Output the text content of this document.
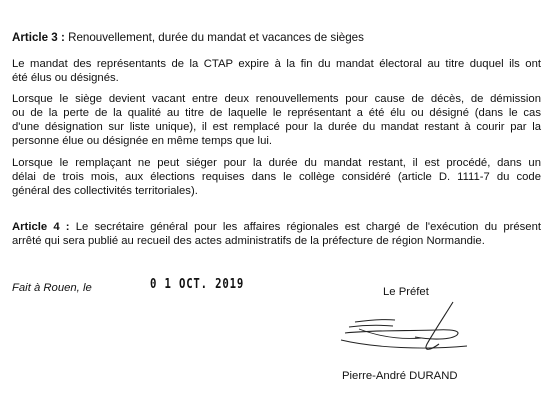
Article 3 : Renouvellement, durée du mandat et vacances de sièges
Le mandat des représentants de la CTAP expire à la fin du mandat électoral au titre duquel ils ont
été élus ou désignés.
Lorsque le siège devient vacant entre deux renouvellements pour cause de décès, de démission
ou de la perte de la qualité au titre de laquelle le représentant a été élu ou désigné (dans le cas
d'une désignation sur liste unique), il est remplacé pour la durée du mandat restant à courir par la
personne élue ou désignée en même temps que lui.
Lorsque le remplaçant ne peut siéger pour la durée du mandat restant, il est procédé, dans un
délai de trois mois, aux élections requises dans le collège considéré (article D. 1111-7 du code
général des collectivités territoriales).
Article 4 : Le secrétaire général pour les affaires régionales est chargé de l'exécution du présent
arrêté qui sera publié au recueil des actes administratifs de la préfecture de région Normandie.
Fait à Rouen, le	0 1 OCT. 2019	Le Préfet
Pierre-André DURAND
